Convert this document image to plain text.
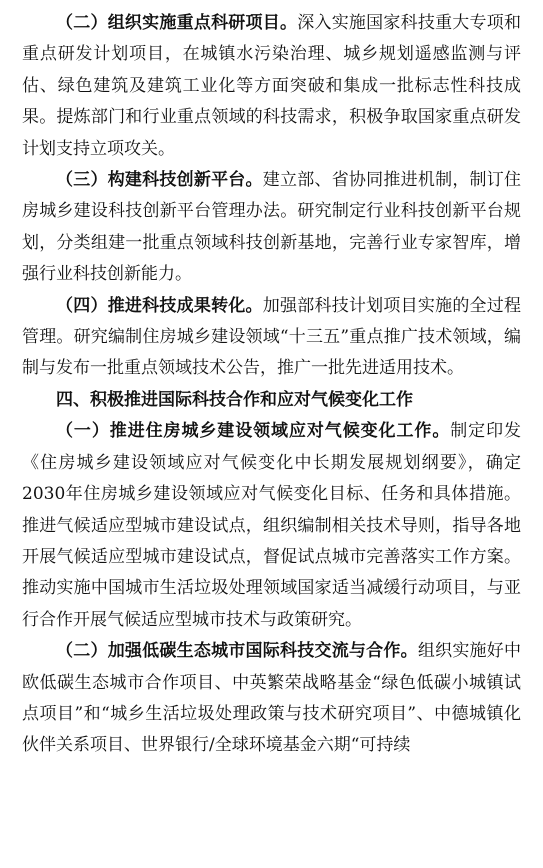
（二）组织实施重点科研项目。深入实施国家科技重大专项和重点研发计划项目，在城镇水污染治理、城乡规划遥感监测与评估、绿色建筑及建筑工业化等方面突破和集成一批标志性科技成果。提炼部门和行业重点领域的科技需求，积极争取国家重点研发计划支持立项攻关。

（三）构建科技创新平台。建立部、省协同推进机制，制订住房城乡建设科技创新平台管理办法。研究制定行业科技创新平台规划，分类组建一批重点领域科技创新基地，完善行业专家智库，增强行业科技创新能力。

（四）推进科技成果转化。加强部科技计划项目实施的全过程管理。研究编制住房城乡建设领域“十三五”重点推广技术领域，编制与发布一批重点领域技术公告，推广一批先进适用技术。

四、积极推进国际科技合作和应对气候变化工作

（一）推进住房城乡建设领域应对气候变化工作。制定印发《住房城乡建设领域应对气候变化中长期发展规划纲要》，确定2030年住房城乡建设领域应对气候变化目标、任务和具体措施。推进气候适应型城市建设试点，组织编制相关技术导则，指导各地开展气候适应型城市建设试点，督促试点城市完善落实工作方案。推动实施中国城市生活垃圾处理领域国家适当减缓行动项目，与亚行合作开展气候适应型城市技术与政策研究。

（二）加强低碳生态城市国际科技交流与合作。组织实施好中欧低碳生态城市合作项目、中英繁荣战略基金“绿色低碳小城镇试点项目”和“城乡生活垃圾处理政策与技术研究项目”、中德城镇化伙伴关系项目、世界银行/全球环境基金六期“可持续
